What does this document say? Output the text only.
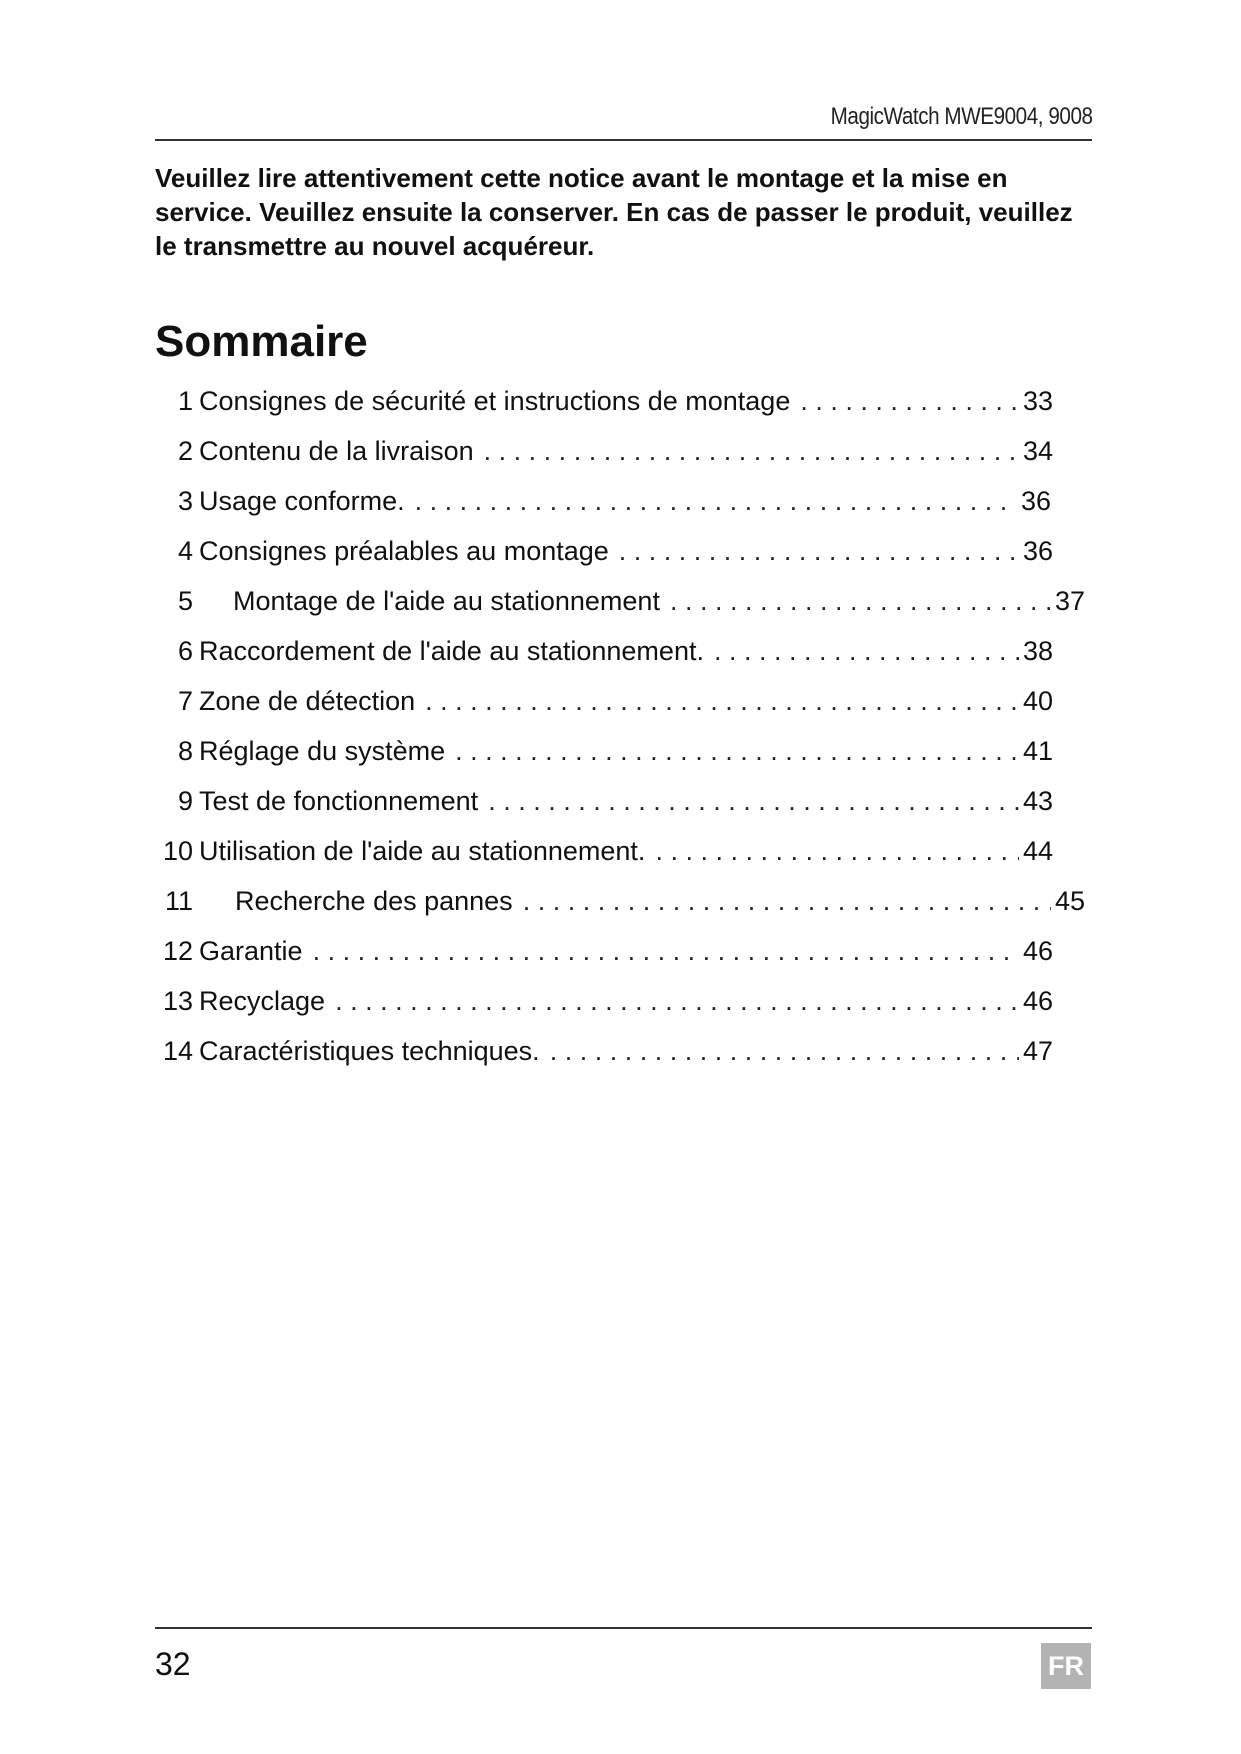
MagicWatch MWE9004, 9008
Veuillez lire attentivement cette notice avant le montage et la mise en service. Veuillez ensuite la conserver. En cas de passer le produit, veuillez le transmettre au nouvel acquéreur.
Sommaire
1 Consignes de sécurité et instructions de montage . . .	33
2 Contenu de la livraison . . .	34
3 Usage conforme. . . .	36
4 Consignes préalables au montage . . .	36
5	Montage de l'aide au stationnement . . .	37
6 Raccordement de l'aide au stationnement. . . .	38
7 Zone de détection . . .	40
8 Réglage du système . . .	41
9 Test de fonctionnement . . .	43
10 Utilisation de l'aide au stationnement. . . .	44
11	Recherche des pannes . . .	45
12 Garantie . . .	46
13 Recyclage . . .	46
14 Caractéristiques techniques. . . .	47
32	FR
